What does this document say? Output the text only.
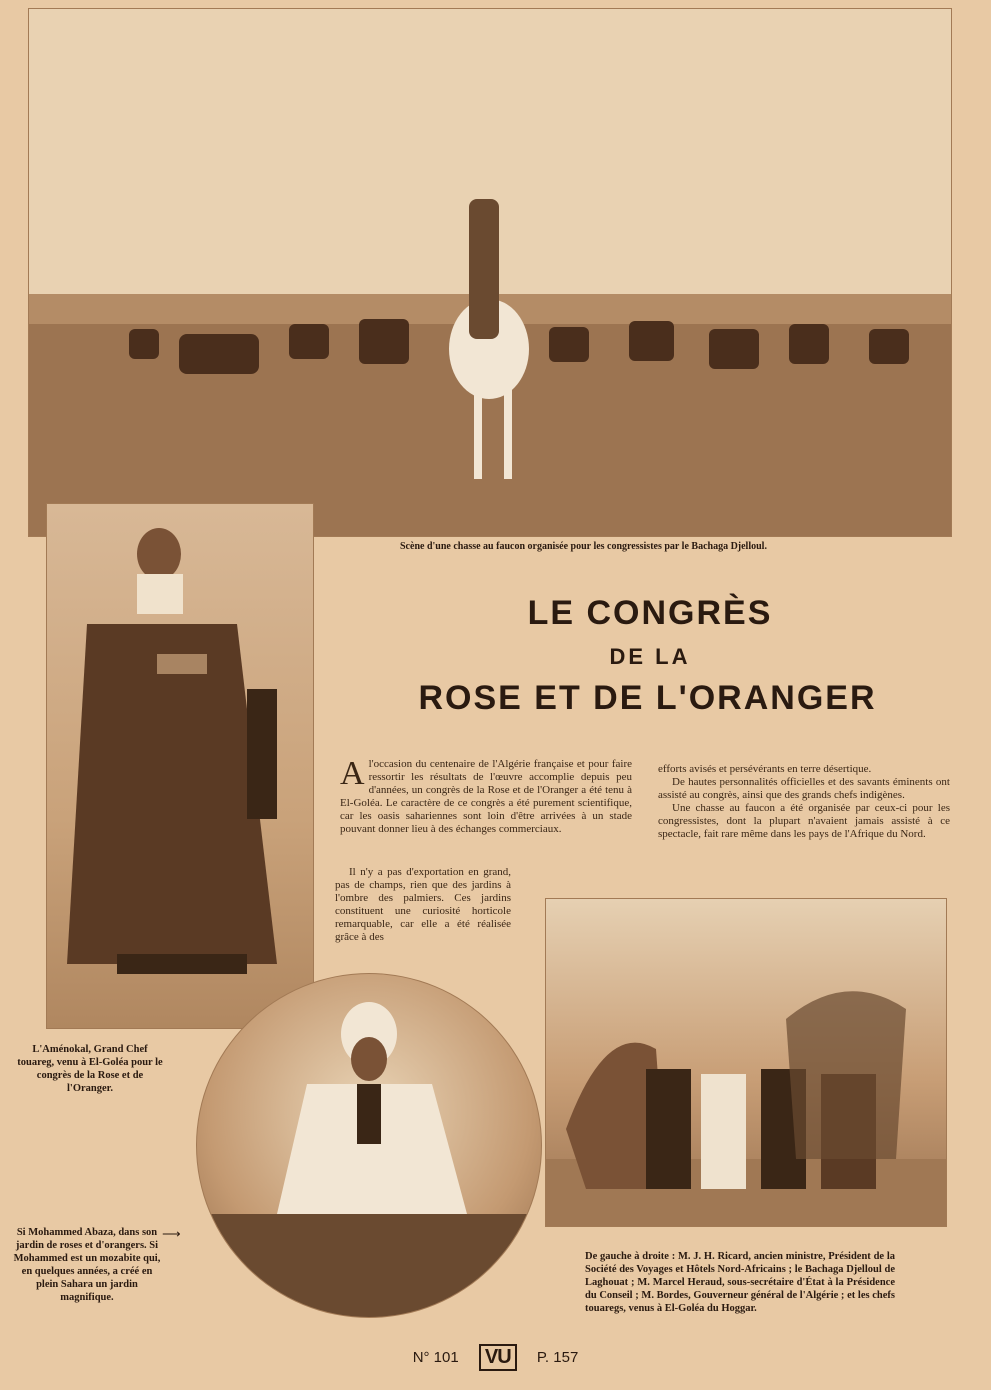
Scène d'une chasse au faucon organisée pour les congressistes par le Bachaga Djelloul.
LE CONGRÈS
DE LA
ROSE ET DE L'ORANGER

A l'occasion du centenaire de l'Algérie française et pour faire ressortir les résultats de l'œuvre accomplie depuis peu d'années, un congrès de la Rose et de l'Oranger a été tenu à El-Goléa. Le caractère de ce congrès a été purement scientifique, car les oasis sahariennes sont loin d'être arrivées à un stade pouvant donner lieu à des échanges commerciaux.

Il n'y a pas d'exportation en grand, pas de champs, rien que des jardins à l'ombre des palmiers. Ces jardins constituent une curiosité horticole remarquable, car elle a été réalisée grâce à des

efforts avisés et persévérants en terre désertique.

De hautes personnalités officielles et des savants éminents ont assisté au congrès, ainsi que des grands chefs indigènes.

Une chasse au faucon a été organisée par ceux-ci pour les congressistes, dont la plupart n'avaient jamais assisté à ce spectacle, fait rare même dans les pays de l'Afrique du Nord.

L'Aménokal, Grand Chef touareg, venu à El-Goléa pour le congrès de la Rose et de l'Oranger.
Si Mohammed Abaza, dans son jardin de roses et d'orangers. Si Mohammed est un mozabite qui, en quelques années, a créé en plein Sahara un jardin magnifique.
⟶
De gauche à droite : M. J. H. Ricard, ancien ministre, Président de la Société des Voyages et Hôtels Nord-Africains ; le Bachaga Djelloul de Laghouat ; M. Marcel Heraud, sous-secrétaire d'État à la Présidence du Conseil ; M. Bordes, Gouverneur général de l'Algérie ; et les chefs touaregs, venus à El-Goléa du Hoggar.
N° 101 VU P. 157
